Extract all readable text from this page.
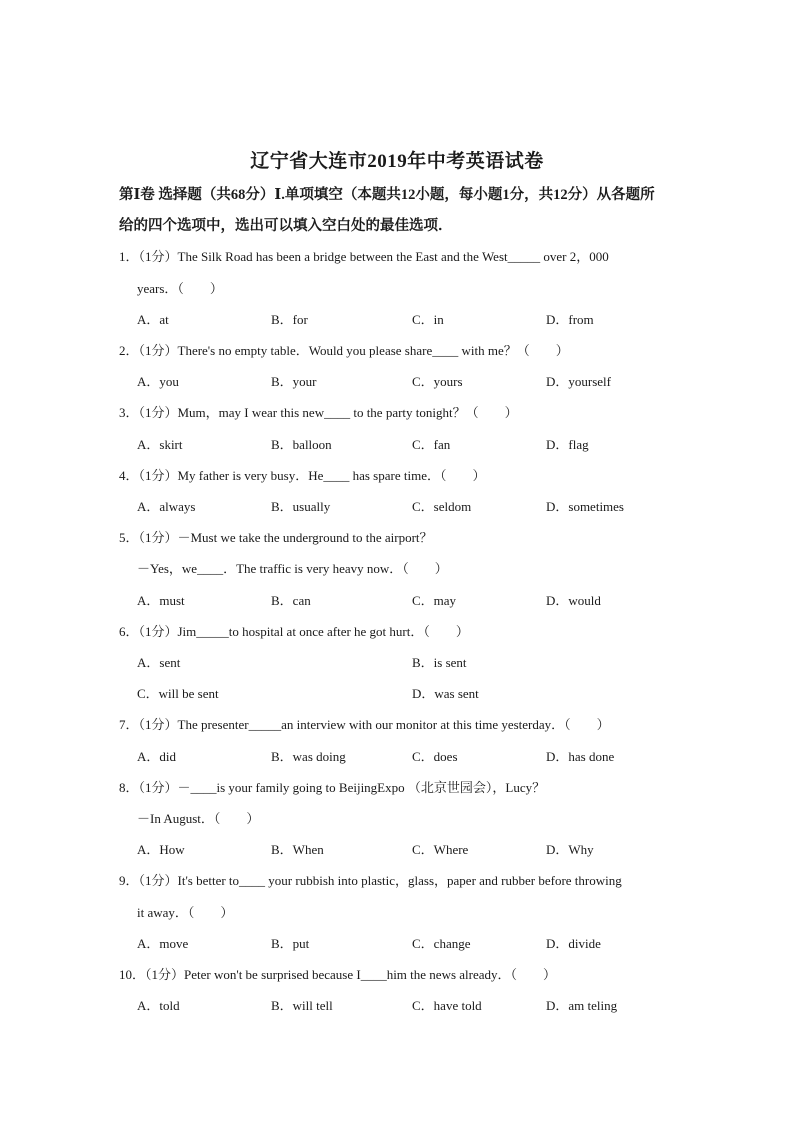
辽宁省大连市2019年中考英语试卷
第Ⅰ卷 选择题（共68分）Ⅰ.单项填空（本题共12小题，每小题1分，共12分）从各题所
给的四个选项中，选出可以填入空白处的最佳选项．
1．（1分）The Silk Road has been a bridge between the East and the West_____ over 2，000
years．（　　）
A．at	B．for	C．in	D．from
2．（1分）There's no empty table．Would you please share____ with me？（　　）
A．you	B．your	C．yours	D．yourself
3．（1分）Mum，may I wear this new____ to the party tonight？（　　）
A．skirt	B．balloon	C．fan	D．flag
4．（1分）My father is very busy．He____ has spare time．（　　）
A．always	B．usually	C．seldom	D．sometimes
5．（1分）－Must we take the underground to the airport？
－Yes，we____．The traffic is very heavy now．（　　）
A．must	B．can	C．may	D．would
6．（1分）Jim_____to hospital at once after he got hurt．（　　）
A．sent	B．is sent
C．will be sent	D．was sent
7．（1分）The presenter_____an interview with our monitor at this time yesterday．（　　）
A．did	B．was doing	C．does	D．has done
8．（1分）－____is your family going to BeijingExpo （北京世园会），Lucy？
－In August．（　　）
A．How	B．When	C．Where	D．Why
9．（1分）It's better to____ your rubbish into plastic，glass，paper and rubber before throwing
it away．（　　）
A．move	B．put	C．change	D．divide
10．（1分）Peter won't be surprised because I____him the news already．（　　）
A．told	B．will tell	C．have told	D．am teling
